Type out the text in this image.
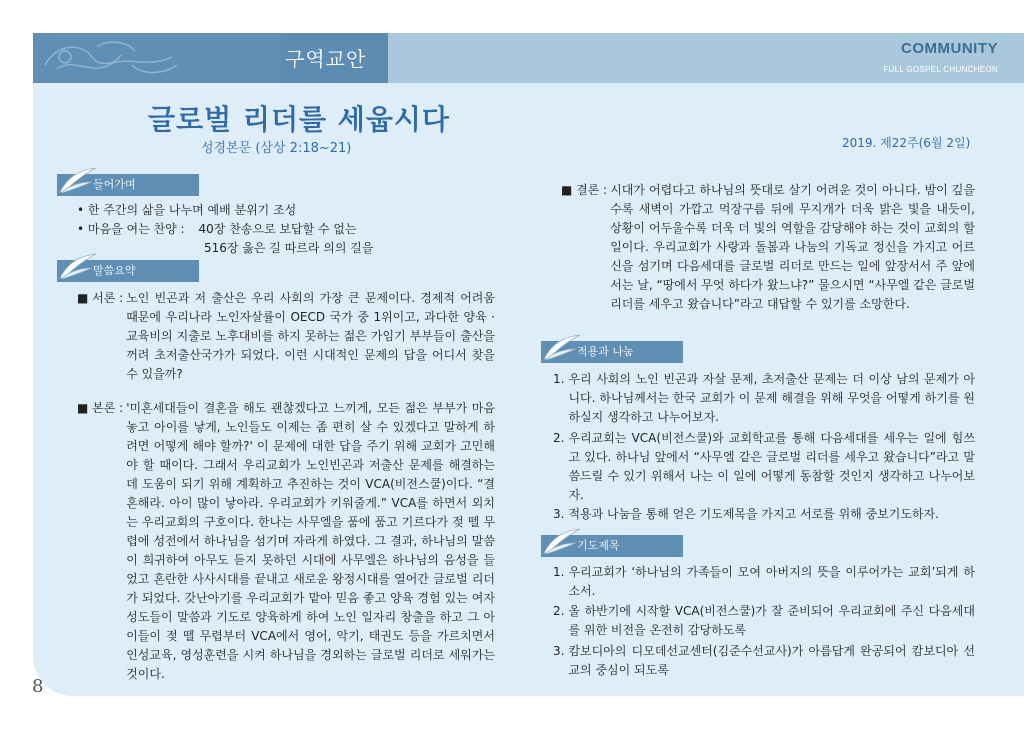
구역교안	COMMUNITY
FULL GOSPEL CHUNCHEON
글로벌 리더를 세웁시다
성경본문 (삼상 2:18~21)	2019. 제22주(6월 2일)
들어가며
• 한 주간의 삶을 나누며 예배 분위기 조성
• 마음을 여는 찬양 : 40장 찬송으로 보답할 수 없는
516장 옳은 길 따르라 의의 길을
말씀요약
■ 서론 : 노인 빈곤과 저 출산은 우리 사회의 가장 큰 문제이다. 경제적 어려움 때문에 우리나라 노인자살률이 OECD 국가 중 1위이고, 과다한 양육 · 교육비의 지출로 노후대비를 하지 못하는 젊은 가임기 부부들이 출산을 꺼려 초저출산국가가 되었다. 이런 시대적인 문제의 답을 어디서 찾을 수 있을까?
■ 본론 : '미혼세대들이 결혼을 해도 괜찮겠다고 느끼게, 모든 젊은 부부가 마음 놓고 아이를 낳게, 노인들도 이제는 좀 편히 살 수 있겠다고 말하게 하려면 어떻게 해야 할까?' 이 문제에 대한 답을 주기 위해 교회가 고민해야 할 때이다. 그래서 우리교회가 노인빈곤과 저출산 문제를 해결하는데 도움이 되기 위해 계획하고 추진하는 것이 VCA(비전스쿨)이다. “결혼해라. 아이 많이 낳아라. 우리교회가 키워줄게.” VCA를 하면서 외치는 우리교회의 구호이다. 한나는 사무엘을 품에 품고 기르다가 젖 뗄 무렵에 성전에서 하나님을 섬기며 자라게 하였다. 그 결과, 하나님의 말씀이 희귀하여 아무도 듣지 못하던 시대에 사무엘은 하나님의 음성을 들었고 혼란한 사사시대를 끝내고 새로운 왕정시대를 열어간 글로벌 리더가 되었다. 갓난아기를 우리교회가 맡아 믿음 좋고 양육 경험 있는 여자성도들이 말씀과 기도로 양육하게 하여 노인 일자리 창출을 하고 그 아이들이 젖 뗄 무렵부터 VCA에서 영어, 악기, 태권도 등을 가르치면서 인성교육, 영성훈련을 시켜 하나님을 경외하는 글로벌 리더로 세워가는 것이다.
■ 결론 : 시대가 어렵다고 하나님의 뜻대로 살기 어려운 것이 아니다. 밤이 깊을수록 새벽이 가깝고 먹장구름 뒤에 무지개가 더욱 밝은 빛을 내듯이, 상황이 어두울수록 더욱 더 빛의 역할을 감당해야 하는 것이 교회의 할 일이다. 우리교회가 사랑과 돌봄과 나눔의 기독교 정신을 가지고 어르신을 섬기며 다음세대를 글로벌 리더로 만드는 일에 앞장서서 주 앞에 서는 날, “땅에서 무엇 하다가 왔느냐?” 물으시면 “사무엘 같은 글로벌 리더를 세우고 왔습니다”라고 대답할 수 있기를 소망한다.
적용과 나눔
1. 우리 사회의 노인 빈곤과 자살 문제, 초저출산 문제는 더 이상 남의 문제가 아니다. 하나님께서는 한국 교회가 이 문제 해결을 위해 무엇을 어떻게 하기를 원하실지 생각하고 나누어보자.
2. 우리교회는 VCA(비전스쿨)와 교회학교를 통해 다음세대를 세우는 일에 힘쓰고 있다. 하나님 앞에서 “사무엘 같은 글로벌 리더를 세우고 왔습니다”라고 말씀드릴 수 있기 위해서 나는 이 일에 어떻게 동참할 것인지 생각하고 나누어보자.
3. 적용과 나눔을 통해 얻은 기도제목을 가지고 서로를 위해 중보기도하자.
기도제목
1. 우리교회가 ‘하나님의 가족들이 모여 아버지의 뜻을 이루어가는 교회’되게 하소서.
2. 올 하반기에 시작할 VCA(비전스쿨)가 잘 준비되어 우리교회에 주신 다음세대를 위한 비전을 온전히 감당하도록
3. 캄보디아의 디모데선교센터(김준수선교사)가 아름답게 완공되어 캄보디아 선교의 중심이 되도록
8
